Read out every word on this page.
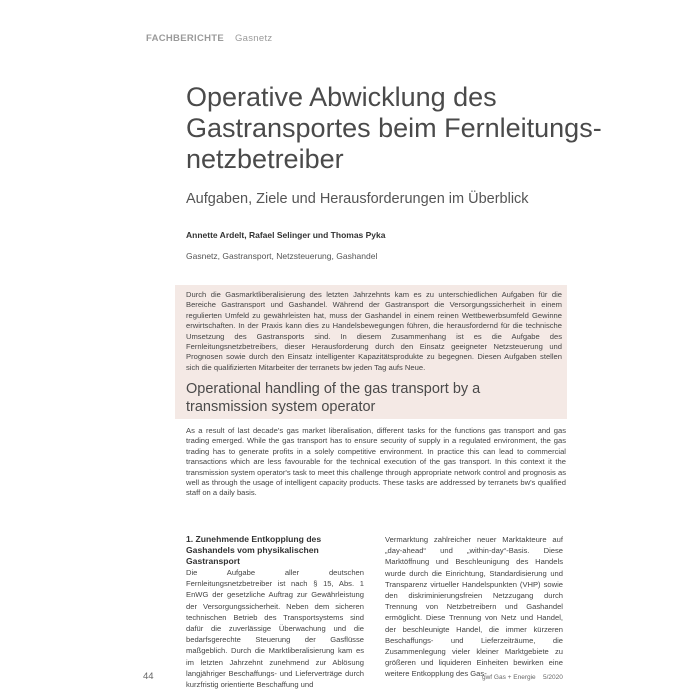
FACHBERICHTE Gasnetz
Operative Abwicklung des Gastransportes beim Fernleitungsnetzbetreiber
Aufgaben, Ziele und Herausforderungen im Überblick
Annette Ardelt, Rafael Selinger und Thomas Pyka
Gasnetz, Gastransport, Netzsteuerung, Gashandel
Durch die Gasmarktliberalisierung des letzten Jahrzehnts kam es zu unterschiedlichen Aufgaben für die Bereiche Gastransport und Gashandel. Während der Gastransport die Versorgungssicherheit in einem regulierten Umfeld zu gewährleisten hat, muss der Gashandel in einem reinen Wettbewerbsumfeld Gewinne erwirtschaften. In der Praxis kann dies zu Handelsbewegungen führen, die herausfordernd für die technische Umsetzung des Gastransports sind. In diesem Zusammenhang ist es die Aufgabe des Fernleitungsnetzbetreibers, dieser Herausforderung durch den Einsatz geeigneter Netzsteuerung und Prognosen sowie durch den Einsatz intelligenter Kapazitätsprodukte zu begegnen. Diesen Aufgaben stellen sich die qualifizierten Mitarbeiter der terranets bw jeden Tag aufs Neue.
Operational handling of the gas transport by a transmission system operator
As a result of last decade's gas market liberalisation, different tasks for the functions gas transport and gas trading emerged. While the gas transport has to ensure security of supply in a regulated environment, the gas trading has to generate profits in a solely competitive environment. In practice this can lead to commercial transactions which are less favourable for the technical execution of the gas transport. In this context it the transmission system operator's task to meet this challenge through appropriate network control and prognosis as well as through the usage of intelligent capacity products. These tasks are addressed by terranets bw's qualified staff on a daily basis.
1. Zunehmende Entkopplung des Gashandels vom physikalischen Gastransport
Die Aufgabe aller deutschen Fernleitungsnetzbetreiber ist nach § 15, Abs. 1 EnWG der gesetzliche Auftrag zur Gewährleistung der Versorgungssicherheit. Neben dem sicheren technischen Betrieb des Transportsystems sind dafür die zuverlässige Überwachung und die bedarfsgerechte Steuerung der Gasflüsse maßgeblich. Durch die Marktliberalisierung kam es im letzten Jahrzehnt zunehmend zur Ablösung langjähriger Beschaffungs- und Lieferverträge durch kurzfristig orientierte Beschaffung und
Vermarktung zahlreicher neuer Marktakteure auf „day-ahead“ und „within-day“-Basis. Diese Marktöffnung und Beschleunigung des Handels wurde durch die Einrichtung, Standardisierung und Transparenz virtueller Handelspunkten (VHP) sowie den diskriminierungsfreien Netzzugang durch Trennung von Netzbetreibern und Gashandel ermöglicht. Diese Trennung von Netz und Handel, der beschleunigte Handel, die immer kürzeren Beschaffungs- und Lieferzeiträume, die Zusammenlegung vieler kleiner Marktgebiete zu größeren und liquideren Einheiten bewirken eine weitere Entkopplung des Gas-
44	gwf Gas + Energie 5/2020
